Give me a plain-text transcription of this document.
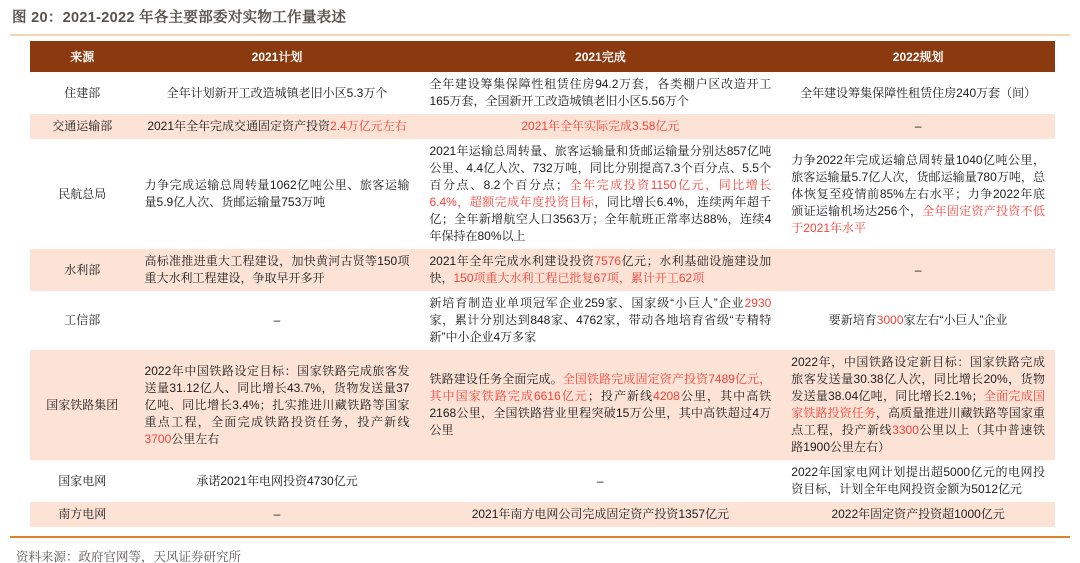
图 20：2021-2022 年各主要部委对实物工作量表述
来源	2021计划	2021完成	2022规划
住建部	全年计划新开工改造城镇老旧小区5.3万个	全年建设筹集保障性租赁住房94.2万套，各类棚户区改造开工165万套，全国新开工改造城镇老旧小区5.56万个	全年建设筹集保障性租赁住房240万套（间）

交通运输部	2021年全年完成交通固定资产投资2.4万亿元左右	2021年全年实际完成3.58亿元	–

民航总局	力争完成运输总周转量1062亿吨公里、旅客运输量5.9亿人次、货邮运输量753万吨	2021年运输总周转量、旅客运输量和货邮运输量分别达857亿吨公里、4.4亿人次、732万吨，同比分别提高7.3个百分点、5.5个百分点、8.2个百分点；全年完成投资1150亿元，同比增长6.4%，超额完成年度投资目标，同比增长6.4%，连续两年超千亿；全年新增航空人口3563万；全年航班正常率达88%，连续4年保持在80%以上	力争2022年完成运输总周转量1040亿吨公里，旅客运输量5.7亿人次，货邮运输量780万吨，总体恢复至疫情前85%左右水平；力争2022年底颁证运输机场达256个，全年固定资产投资不低于2021年水平

水利部	高标准推进重大工程建设，加快黄河古贤等150项重大水利工程建设，争取早开多开	2021年全年完成水利建设投资7576亿元；水利基础设施建设加快，150项重大水利工程已批复67项，累计开工62项	–

工信部	–	新培育制造业单项冠军企业259家、国家级“小巨人”企业2930家，累计分别达到848家、4762家，带动各地培育省级“专精特新”中小企业4万多家	要新培育3000家左右“小巨人”企业

国家铁路集团	2022年中国铁路设定目标：国家铁路完成旅客发送量31.12亿人、同比增长43.7%，货物发送量37亿吨、同比增长3.4%；扎实推进川藏铁路等国家重点工程，全面完成铁路投资任务，投产新线3700公里左右	铁路建设任务全面完成。全国铁路完成固定资产投资7489亿元，其中国家铁路完成6616亿元；投产新线4208公里，其中高铁2168公里，全国铁路营业里程突破15万公里，其中高铁超过4万公里	2022年，中国铁路设定新目标：国家铁路完成旅客发送量30.38亿人次，同比增长20%，货物发送量38.04亿吨，同比增长2.1%；全面完成国家铁路投资任务，高质量推进川藏铁路等国家重点工程，投产新线3300公里以上（其中普速铁路1900公里左右）

国家电网	承诺2021年电网投资4730亿元	–	2022年国家电网计划提出超5000亿元的电网投资目标，计划全年电网投资金额为5012亿元

南方电网	–	2021年南方电网公司完成固定资产投资1357亿元	2022年固定资产投资超1000亿元
资料来源：政府官网等，天风证券研究所
